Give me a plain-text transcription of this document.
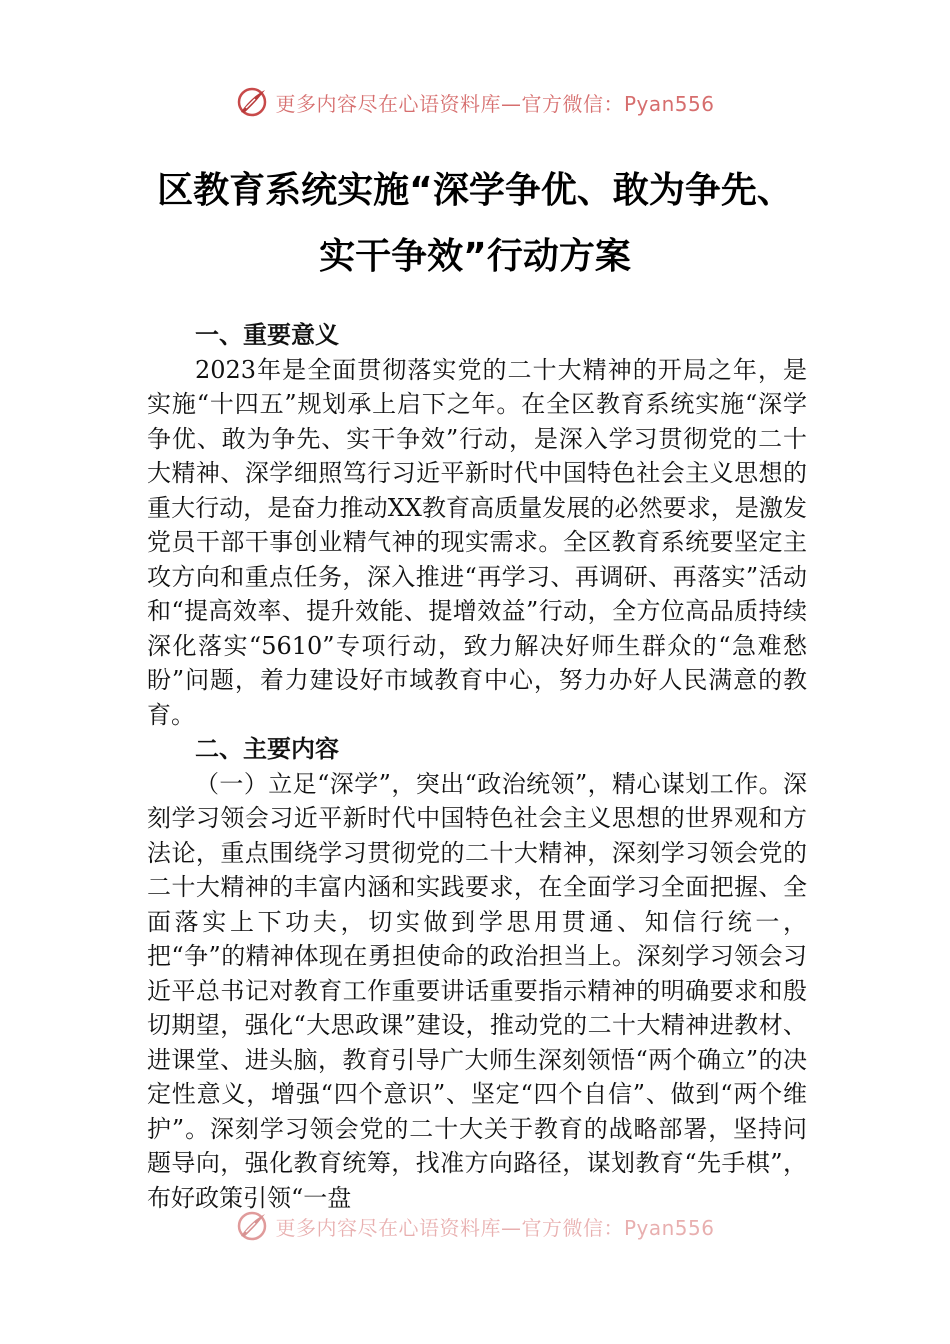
更多内容尽在心语资料库—官方微信：Pyan556
区教育系统实施“深学争优、敢为争先、
实干争效”行动方案

一、重要意义

2023年是全面贯彻落实党的二十大精神的开局之年，是实施“十四五”规划承上启下之年。在全区教育系统实施“深学争优、敢为争先、实干争效”行动，是深入学习贯彻党的二十大精神、深学细照笃行习近平新时代中国特色社会主义思想的重大行动，是奋力推动XX教育高质量发展的必然要求，是激发党员干部干事创业精气神的现实需求。全区教育系统要坚定主攻方向和重点任务，深入推进“再学习、再调研、再落实”活动和“提高效率、提升效能、提增效益”行动，全方位高品质持续深化落实“5610”专项行动，致力解决好师生群众的“急难愁盼”问题，着力建设好市域教育中心，努力办好人民满意的教育。

二、主要内容

（一）立足“深学”，突出“政治统领”，精心谋划工作。深刻学习领会习近平新时代中国特色社会主义思想的世界观和方法论，重点围绕学习贯彻党的二十大精神，深刻学习领会党的二十大精神的丰富内涵和实践要求，在全面学习全面把握、全面落实上下功夫，切实做到学思用贯通、知信行统一，把“争”的精神体现在勇担使命的政治担当上。深刻学习领会习近平总书记对教育工作重要讲话重要指示精神的明确要求和殷切期望，强化“大思政课”建设，推动党的二十大精神进教材、进课堂、进头脑，教育引导广大师生深刻领悟“两个确立”的决定性意义，增强“四个意识”、坚定“四个自信”、做到“两个维护”。深刻学习领会党的二十大关于教育的战略部署，坚持问题导向，强化教育统筹，找准方向路径，谋划教育“先手棋”，布好政策引领“一盘

更多内容尽在心语资料库—官方微信：Pyan556
